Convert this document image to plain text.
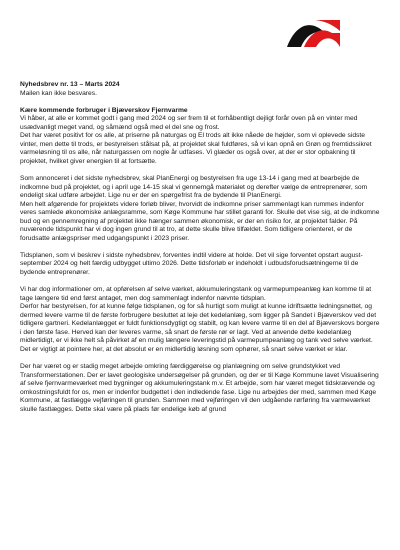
Nyhedsbrev nr. 13 – Marts 2024

Mailen kan ikke besvares.

Kære kommende forbruger i Bjæverskov Fjernvarme

Vi håber, at alle er kommet godt i gang med 2024 og ser frem til et forhåbentligt dejligt forår oven på en vinter med usædvanligt meget vand, og såmænd også med el del sne og frost.
Det har været positivt for os alle, at priserne på naturgas og El trods alt ikke nåede de højder, som vi oplevede sidste vinter, men dette til trods, er bestyrelsen stålsat på, at projektet skal fuldføres, så vi kan opnå en Grøn og fremtidssikret varmeløsning til os alle, når naturgassen om nogle år udfases. Vi glæder os også over, at der er stor opbakning til projektet, hvilket giver energien til at fortsætte.

Som annonceret i det sidste nyhedsbrev, skal PlanEnergi og bestyrelsen fra uge 13-14 i gang med at bearbejde de indkomne bud på projektet, og i april uge 14-15 skal vi gennemgå materialet og derefter vælge de entreprenører, som endeligt skal udføre arbejdet. Lige nu er der en spørgefrist fra de bydende til PlanEnergi.
Men helt afgørende for projektets videre forløb bliver, hvorvidt de indkomne priser sammenlagt kan rummes indenfor veres samlede økonomiske anlægsramme, som Køge Kommune har stillet garanti for. Skulle det vise sig, at de indkomne bud og en gennemregning af projektet ikke hænger sammen økonomisk, er der en risiko for, at projektet falder. På nuværende tidspunkt har vi dog ingen grund til at tro, at dette skulle blive tilfældet. Som tidligere orienteret, er de forudsatte anlægspriser med udgangspunkt i 2023 priser.

Tidsplanen, som vi beskrev i sidste nyhedsbrev, forventes indtil videre at holde. Det vil sige forventet opstart august-september 2024 og helt færdig udbygget ultimo 2026. Dette tidsforløb er indeholdt i udbudsforudsætningerne til de bydende entreprenører.

Vi har dog informationer om, at opførelsen af selve værket, akkumuleringstank og varmepumpeanlæg kan komme til at tage længere tid end først antaget, men dog sammenlagt indenfor nævnte tidsplan.
Derfor har bestyrelsen, for at kunne følge tidsplanen, og for så hurtigt som muligt at kunne idriftsætte ledningsnettet, og dermed levere varme til de første forbrugere besluttet at leje det kedelanlæg, som ligger på Sandet i Bjæverskov ved det tidligere gartneri. Kedelanlægget er fuldt funktionsdygtigt og stabilt, og kan levere varme til en del af Bjæverskovs borgere i den første fase. Herved kan der leveres varme, så snart de første rør er lagt. Ved at anvende dette kedelanlæg midlertidigt, er vi ikke helt så påvirket af en mulig længere leveringstid på varmepumpeanlæg og tank ved selve værket. Det er vigtigt at pointere her, at det absolut er en midlertidig løsning som ophører, så snart selve værket er klar.

Der har været og er stadig meget arbejde omkring færdiggørelse og planlægning om selve grundstykket ved Transformerstationen. Der er lavet geologiske undersøgelser på grunden, og der er til Køge Kommune lavet Visualisering af selve fjernvarmeværket med bygninger og akkumuleringstank m.v. Et arbejde, som har været meget tidskrævende og omkostningsfuldt for os, men er indenfor budgettet i den indledende fase. Lige nu arbejdes der med, sammen med Køge Kommune, at fastlægge vejføringen til grunden. Sammen med vejføringen vil den udgående rørføring fra varmeværket skulle fastlægges. Dette skal være på plads før endelige køb af grund
